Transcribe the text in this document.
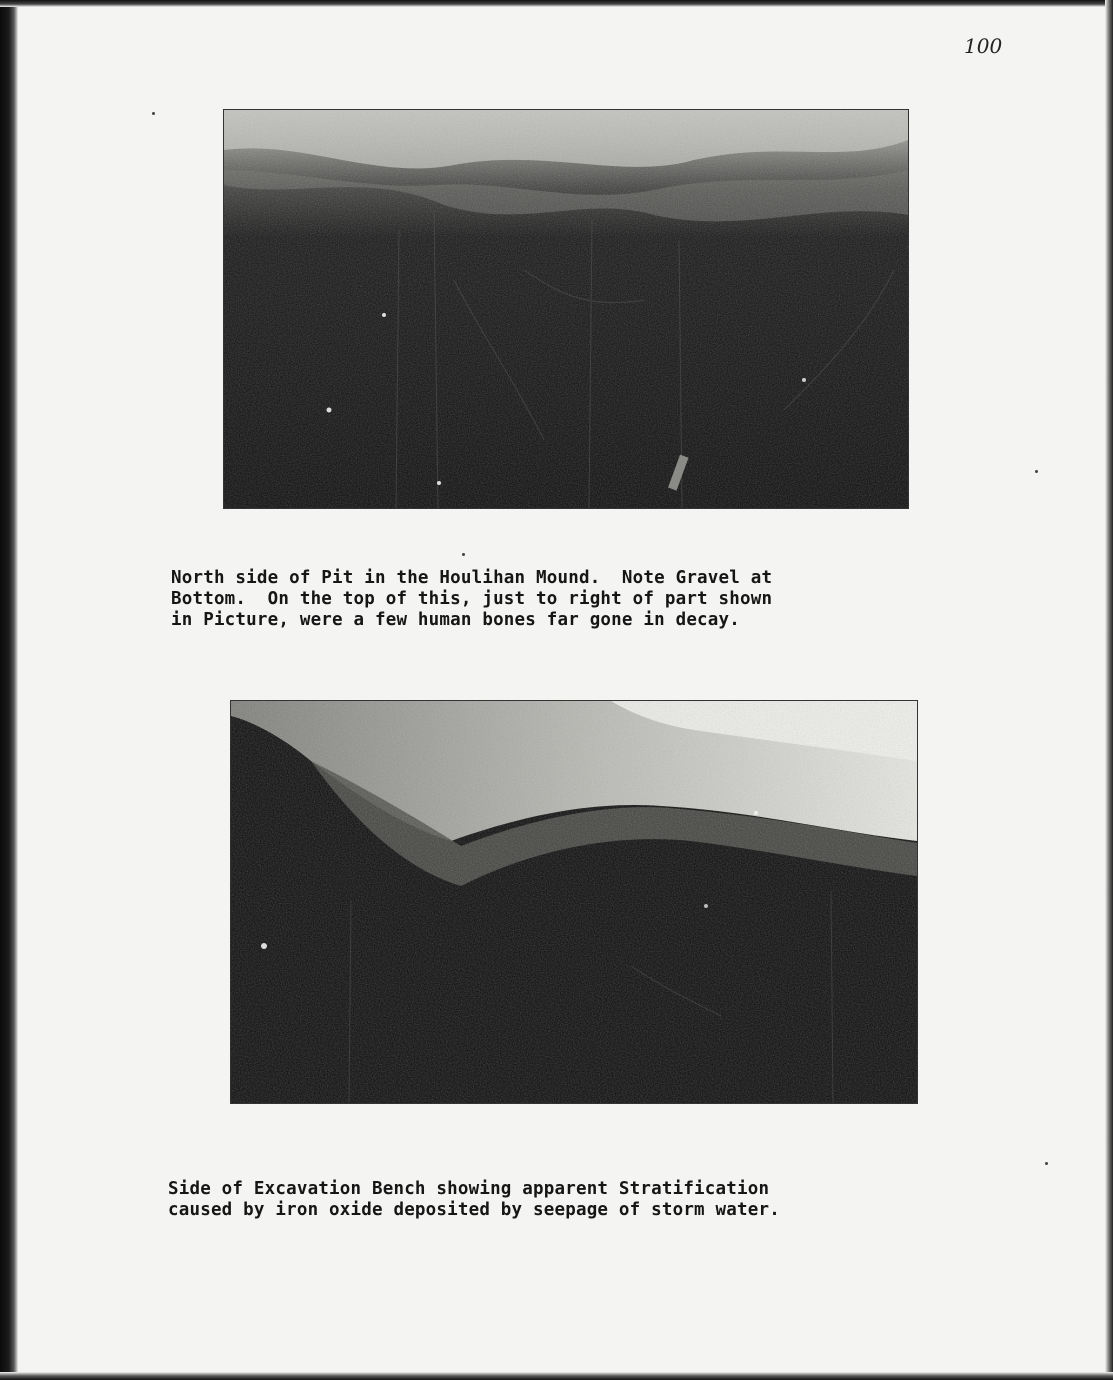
100
North side of Pit in the Houlihan Mound.  Note Gravel at
Bottom.  On the top of this, just to right of part shown
in Picture, were a few human bones far gone in decay.
Side of Excavation Bench showing apparent Stratification
caused by iron oxide deposited by seepage of storm water.
